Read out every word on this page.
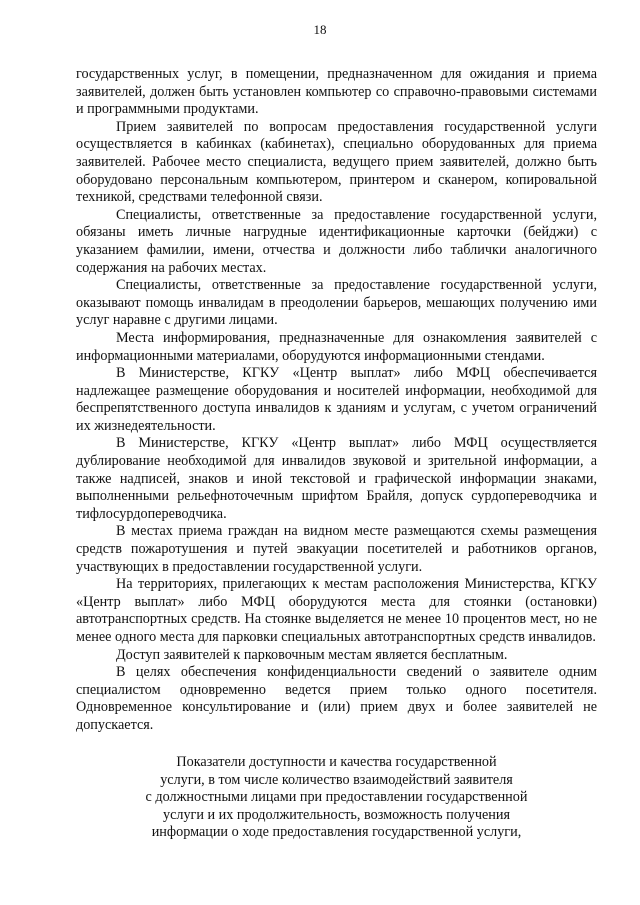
18

государственных услуг, в помещении, предназначенном для ожидания и приема заявителей, должен быть установлен компьютер со справочно-правовыми системами и программными продуктами.

Прием заявителей по вопросам предоставления государственной услуги осуществляется в кабинках (кабинетах), специально оборудованных для приема заявителей. Рабочее место специалиста, ведущего прием заявителей, должно быть оборудовано персональным компьютером, принтером и сканером, копировальной техникой, средствами телефонной связи.

Специалисты, ответственные за предоставление государственной услуги, обязаны иметь личные нагрудные идентификационные карточки (бейджи) с указанием фамилии, имени, отчества и должности либо таблички аналогичного содержания на рабочих местах.

Специалисты, ответственные за предоставление государственной услуги, оказывают помощь инвалидам в преодолении барьеров, мешающих получению ими услуг наравне с другими лицами.

Места информирования, предназначенные для ознакомления заявителей с информационными материалами, оборудуются информационными стендами.

В Министерстве, КГКУ «Центр выплат» либо МФЦ обеспечивается надлежащее размещение оборудования и носителей информации, необходимой для беспрепятственного доступа инвалидов к зданиям и услугам, с учетом ограничений их жизнедеятельности.

В Министерстве, КГКУ «Центр выплат» либо МФЦ осуществляется дублирование необходимой для инвалидов звуковой и зрительной информации, а также надписей, знаков и иной текстовой и графической информации знаками, выполненными рельефноточечным шрифтом Брайля, допуск сурдопереводчика и тифлосурдопереводчика.

В местах приема граждан на видном месте размещаются схемы размещения средств пожаротушения и путей эвакуации посетителей и работников органов, участвующих в предоставлении государственной услуги.

На территориях, прилегающих к местам расположения Министерства, КГКУ «Центр выплат» либо МФЦ оборудуются места для стоянки (остановки) автотранспортных средств. На стоянке выделяется не менее 10 процентов мест, но не менее одного места для парковки специальных автотранспортных средств инвалидов.

Доступ заявителей к парковочным местам является бесплатным.

В целях обеспечения конфиденциальности сведений о заявителе одним специалистом одновременно ведется прием только одного посетителя. Одновременное консультирование и (или) прием двух и более заявителей не допускается.

Показатели доступности и качества государственной
услуги, в том числе количество взаимодействий заявителя
с должностными лицами при предоставлении государственной
услуги и их продолжительность, возможность получения
информации о ходе предоставления государственной услуги,
